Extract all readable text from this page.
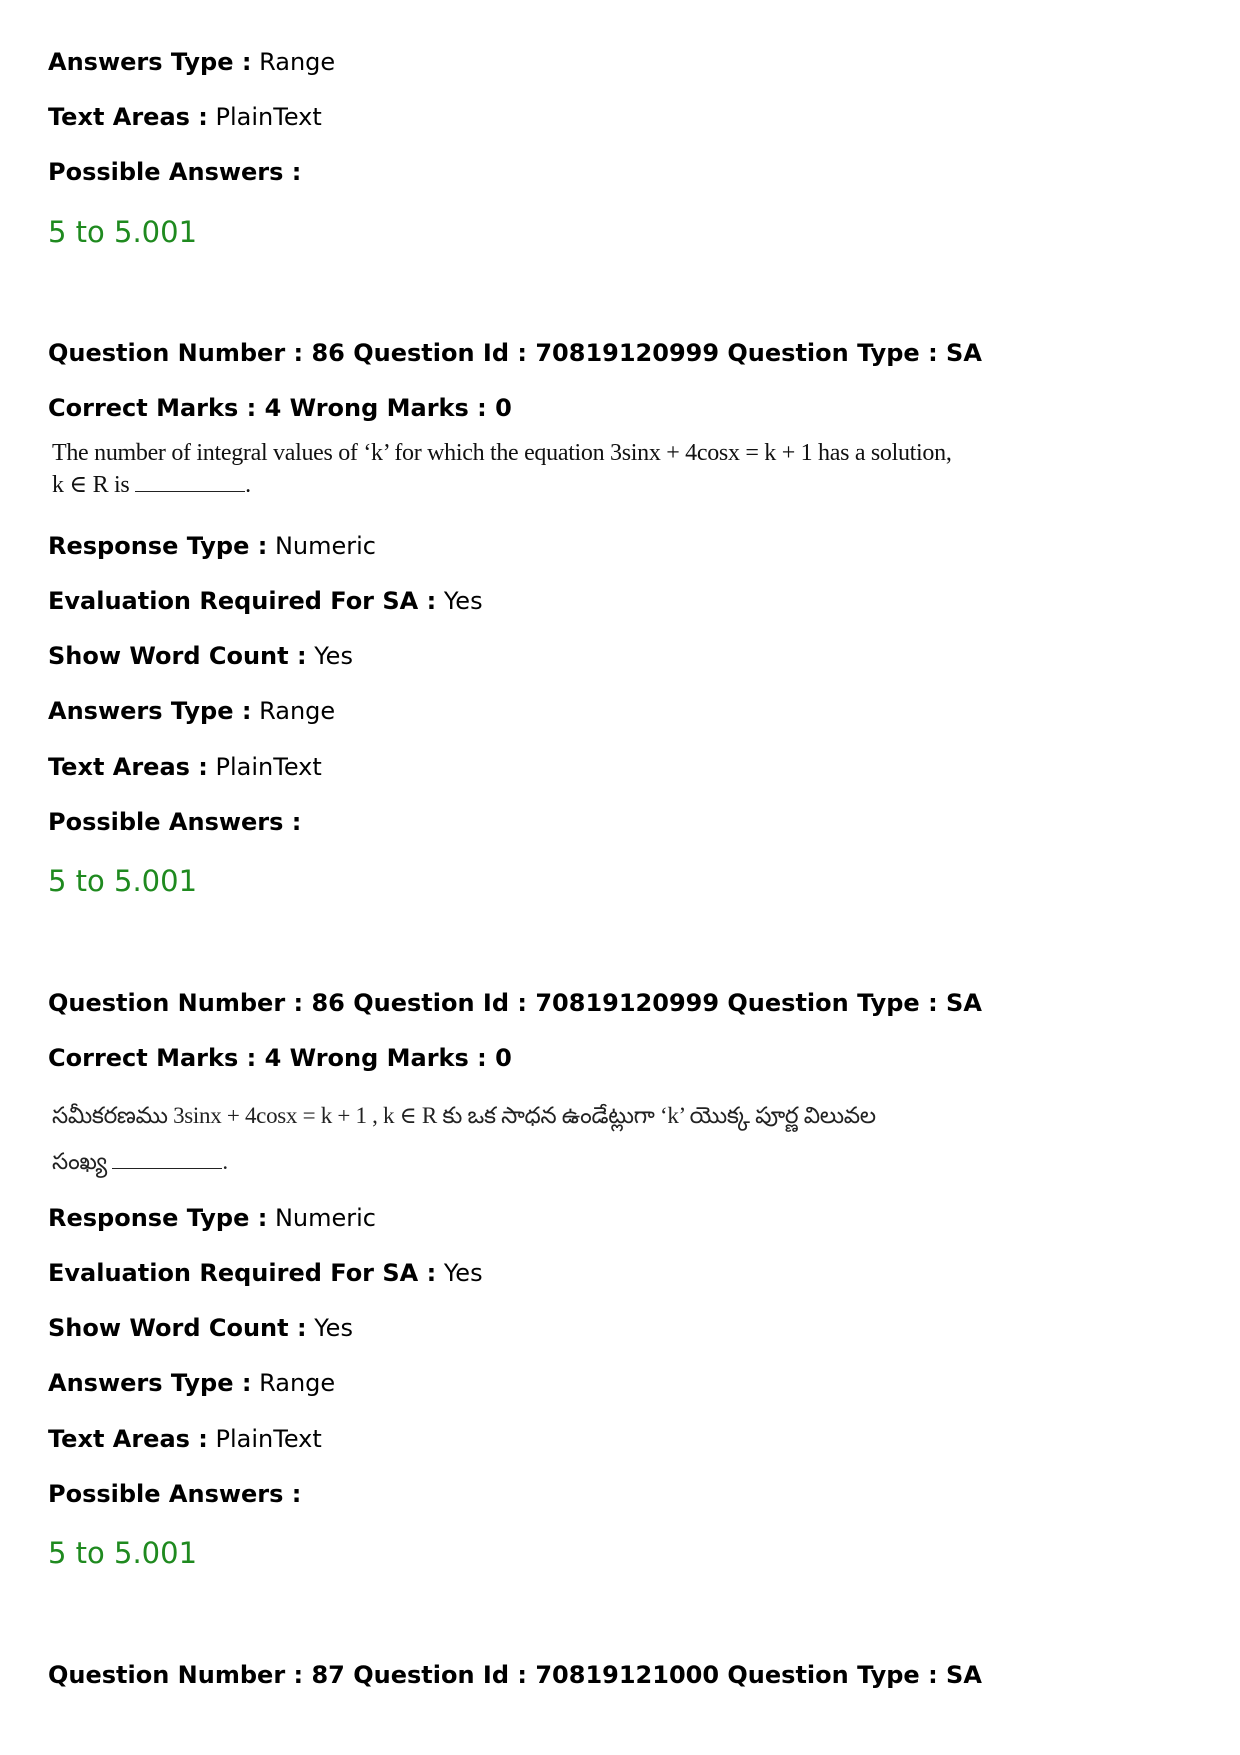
Answers Type : Range
Text Areas : PlainText
Possible Answers :
5 to 5.001
Question Number : 86 Question Id : 70819120999 Question Type : SA
Correct Marks : 4 Wrong Marks : 0
The number of integral values of ‘k’ for which the equation 3sinx + 4cosx = k + 1 has a solution,
k ∈ R is	.
Response Type : Numeric
Evaluation Required For SA : Yes
Show Word Count : Yes
Answers Type : Range
Text Areas : PlainText
Possible Answers :
5 to 5.001
Question Number : 86 Question Id : 70819120999 Question Type : SA
Correct Marks : 4 Wrong Marks : 0
సమీకరణము 3sinx + 4cosx = k + 1 , k ∈ R కు ఒక సాధన ఉండేట్లుగా ‘k’ యొక్క పూర్ణ విలువల
సంఖ్య	.
Response Type : Numeric
Evaluation Required For SA : Yes
Show Word Count : Yes
Answers Type : Range
Text Areas : PlainText
Possible Answers :
5 to 5.001
Question Number : 87 Question Id : 70819121000 Question Type : SA
